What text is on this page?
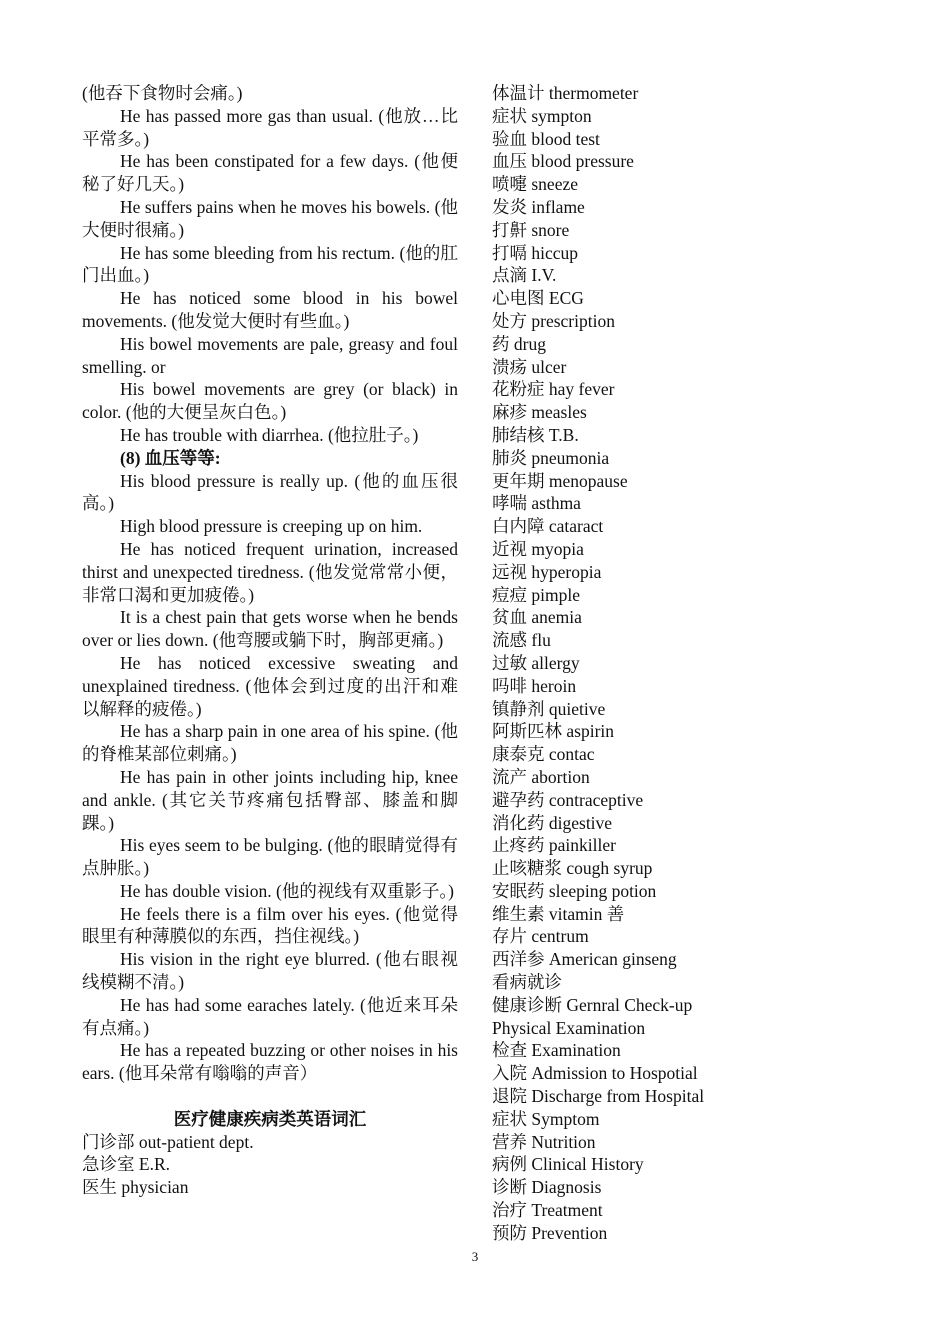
(他吞下食物时会痛。)

He has passed more gas than usual. (他放…比平常多。)

He has been constipated for a few days. (他便秘了好几天。)

He suffers pains when he moves his bowels. (他大便时很痛。)

He has some bleeding from his rectum. (他的肛门出血。)

He has noticed some blood in his bowel movements. (他发觉大便时有些血。)

His bowel movements are pale, greasy and foul smelling. or

His bowel movements are grey (or black) in color. (他的大便呈灰白色。)

He has trouble with diarrhea. (他拉肚子。)

(8) 血压等等:

His blood pressure is really up. (他的血压很高。)

High blood pressure is creeping up on him.

He has noticed frequent urination, increased thirst and unexpected tiredness. (他发觉常常小便，非常口渴和更加疲倦。)

It is a chest pain that gets worse when he bends over or lies down. (他弯腰或躺下时，胸部更痛。)

He has noticed excessive sweating and unexplained tiredness. (他体会到过度的出汗和难以解释的疲倦。)

He has a sharp pain in one area of his spine. (他的脊椎某部位刺痛。)

He has pain in other joints including hip, knee and ankle. (其它关节疼痛包括臀部、膝盖和脚踝。)

His eyes seem to be bulging. (他的眼睛觉得有点肿胀。)

He has double vision. (他的视线有双重影子。)

He feels there is a film over his eyes. (他觉得眼里有种薄膜似的东西，挡住视线。)

His vision in the right eye blurred. (他右眼视线模糊不清。)

He has had some earaches lately. (他近来耳朵有点痛。)

He has a repeated buzzing or other noises in his ears. (他耳朵常有嗡嗡的声音）

医疗健康疾病类英语词汇

门诊部 out-patient dept.

急诊室 E.R.

医生 physician

体温计 thermometer

症状 sympton

验血 blood test

血压 blood pressure

喷嚏 sneeze

发炎 inflame

打鼾 snore

打嗝 hiccup

点滴 I.V.

心电图 ECG

处方 prescription

药 drug

溃疡 ulcer

花粉症 hay fever

麻疹 measles

肺结核 T.B.

肺炎 pneumonia

更年期 menopause

哮喘 asthma

白内障 cataract

近视 myopia

远视 hyperopia

痘痘 pimple

贫血 anemia

流感 flu

过敏 allergy

吗啡 heroin

镇静剂 quietive

阿斯匹林 aspirin

康泰克 contac

流产 abortion

避孕药 contraceptive

消化药 digestive

止疼药 painkiller

止咳糖浆 cough syrup

安眠药 sleeping potion

维生素 vitamin 善

存片 centrum

西洋参 American ginseng

看病就诊

健康诊断 Gernral Check-up

Physical Examination

检查 Examination

入院 Admission to Hospotial

退院 Discharge from Hospital

症状 Symptom

营养 Nutrition

病例 Clinical History

诊断 Diagnosis

治疗 Treatment

预防 Prevention

3
